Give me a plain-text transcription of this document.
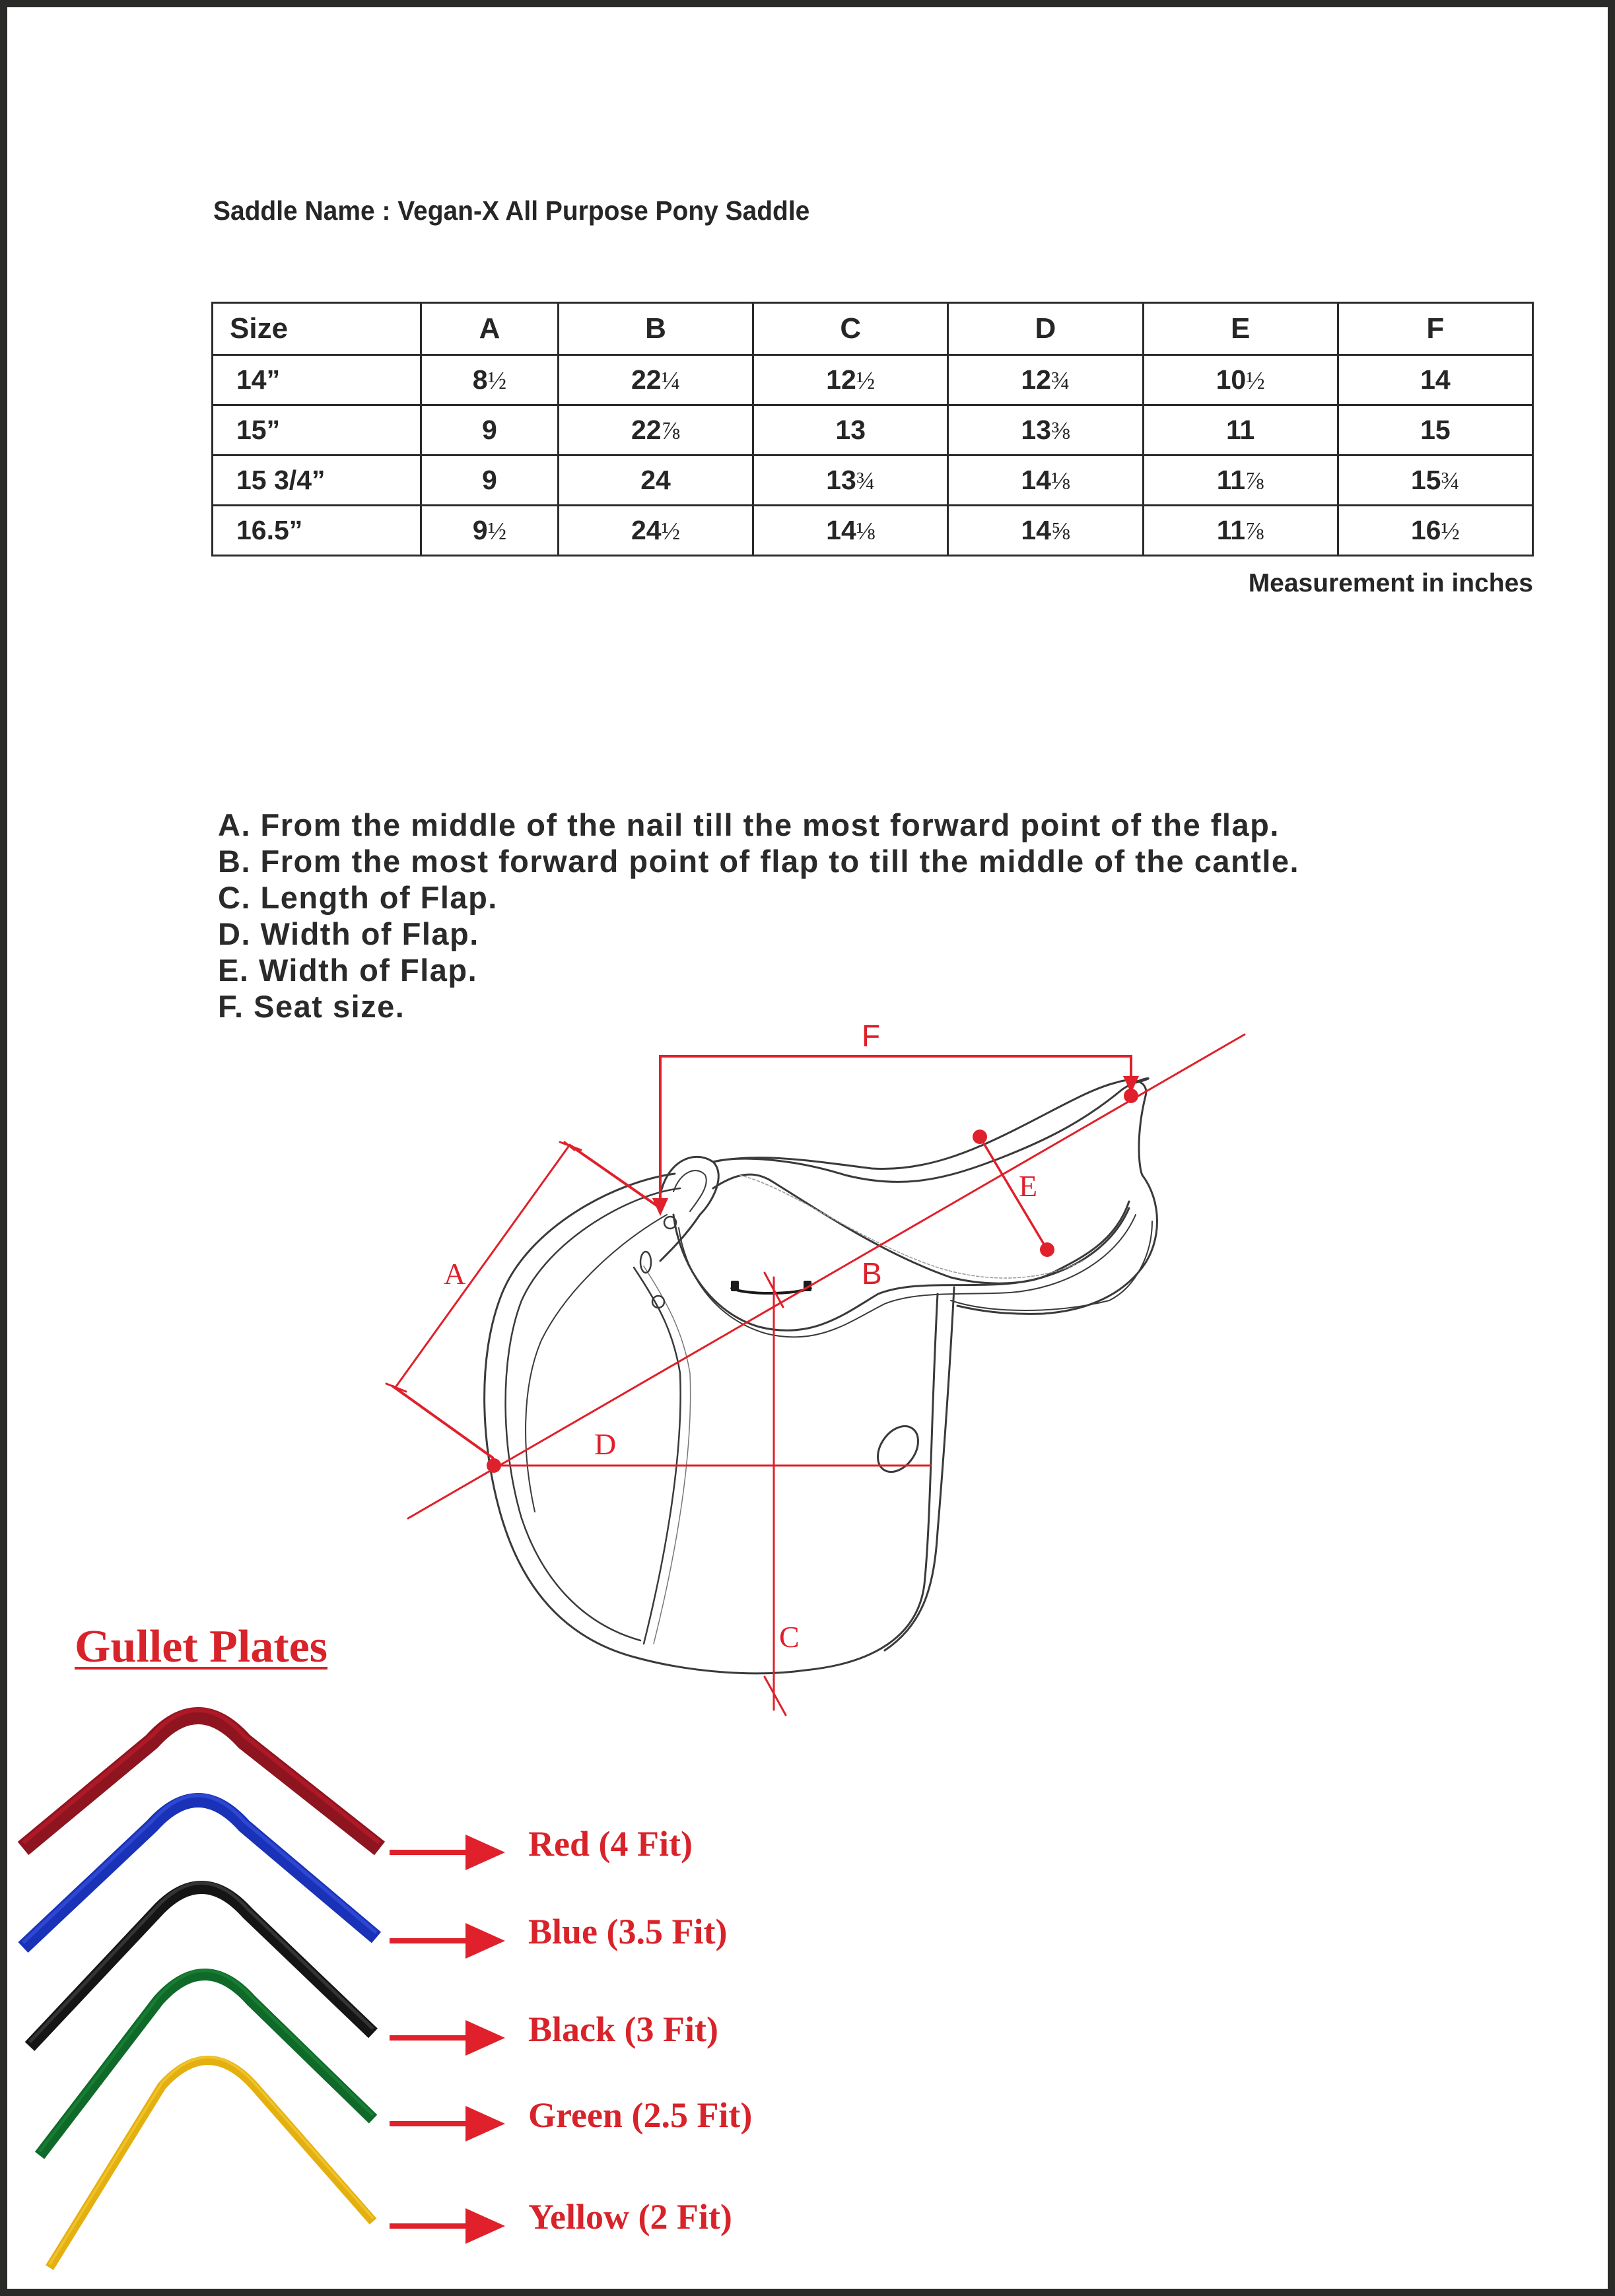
Saddle Name : Vegan-X All Purpose Pony Saddle
Size	A	B	C	D	E	F
14”	8½	22¼	12½	12¾	10½	14
15”	9	22⅞	13	13⅜	11	15
15 3/4”	9	24	13¾	14⅛	11⅞	15¾
16.5”	9½	24½	14⅛	14⅝	11⅞	16½
Measurement in inches
A. From the middle of the nail till the most forward point of the flap.
B. From the most forward point of flap to till the middle of the cantle.
C. Length of Flap.
D. Width of Flap.
E. Width of Flap.
F. Seat size.
F
A	B
D
E
C
Gullet Plates
Red (4 Fit)
Blue (3.5 Fit)
Black (3 Fit)
Green (2.5 Fit)
Yellow (2 Fit)
